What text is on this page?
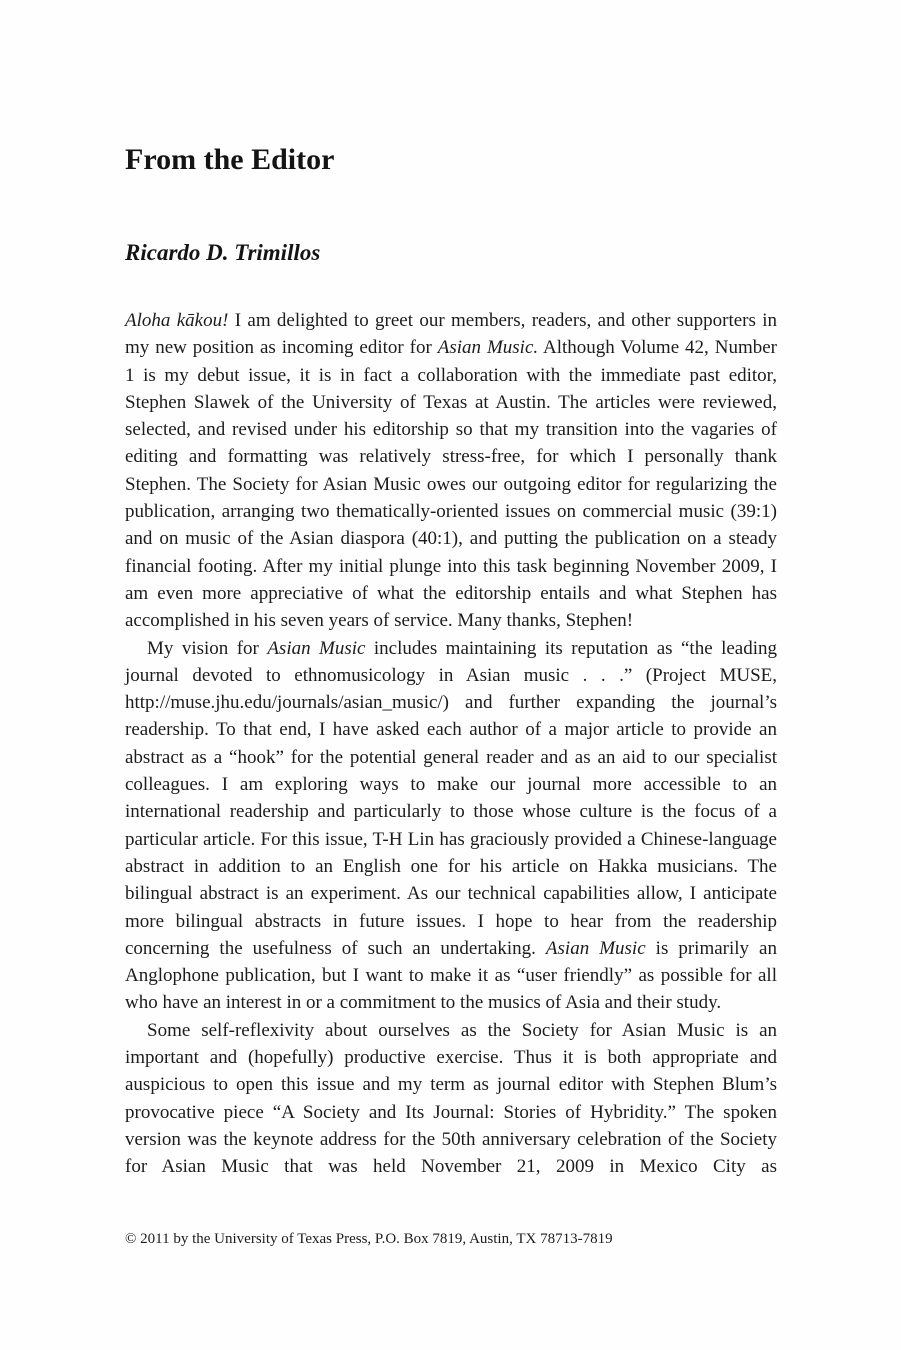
From the Editor
Ricardo D. Trimillos

Aloha kākou! I am delighted to greet our members, readers, and other supporters in my new position as incoming editor for Asian Music. Although Volume 42, Number 1 is my debut issue, it is in fact a collaboration with the immediate past editor, Stephen Slawek of the University of Texas at Austin. The articles were reviewed, selected, and revised under his editorship so that my transition into the vagaries of editing and formatting was relatively stress-free, for which I personally thank Stephen. The Society for Asian Music owes our outgoing editor for regularizing the publication, arranging two thematically-oriented issues on commercial music (39:1) and on music of the Asian diaspora (40:1), and putting the publication on a steady financial footing. After my initial plunge into this task beginning November 2009, I am even more appreciative of what the editorship entails and what Stephen has accomplished in his seven years of service. Many thanks, Stephen!

My vision for Asian Music includes maintaining its reputation as “the leading journal devoted to ethnomusicology in Asian music . . .” (Project MUSE, http://muse.jhu.edu/journals/asian_music/) and further expanding the journal’s readership. To that end, I have asked each author of a major article to provide an abstract as a “hook” for the potential general reader and as an aid to our specialist colleagues. I am exploring ways to make our journal more accessible to an international readership and particularly to those whose culture is the focus of a particular article. For this issue, T-H Lin has graciously provided a Chinese-language abstract in addition to an English one for his article on Hakka musicians. The bilingual abstract is an experiment. As our technical capabilities allow, I anticipate more bilingual abstracts in future issues. I hope to hear from the readership concerning the usefulness of such an undertaking. Asian Music is primarily an Anglophone publication, but I want to make it as “user friendly” as possible for all who have an interest in or a commitment to the musics of Asia and their study.

Some self-reflexivity about ourselves as the Society for Asian Music is an important and (hopefully) productive exercise. Thus it is both appropriate and auspicious to open this issue and my term as journal editor with Stephen Blum’s provocative piece “A Society and Its Journal: Stories of Hybridity.” The spoken version was the keynote address for the 50th anniversary celebration of the Society for Asian Music that was held November 21, 2009 in Mexico City as

© 2011 by the University of Texas Press, P.O. Box 7819, Austin, TX 78713-7819
